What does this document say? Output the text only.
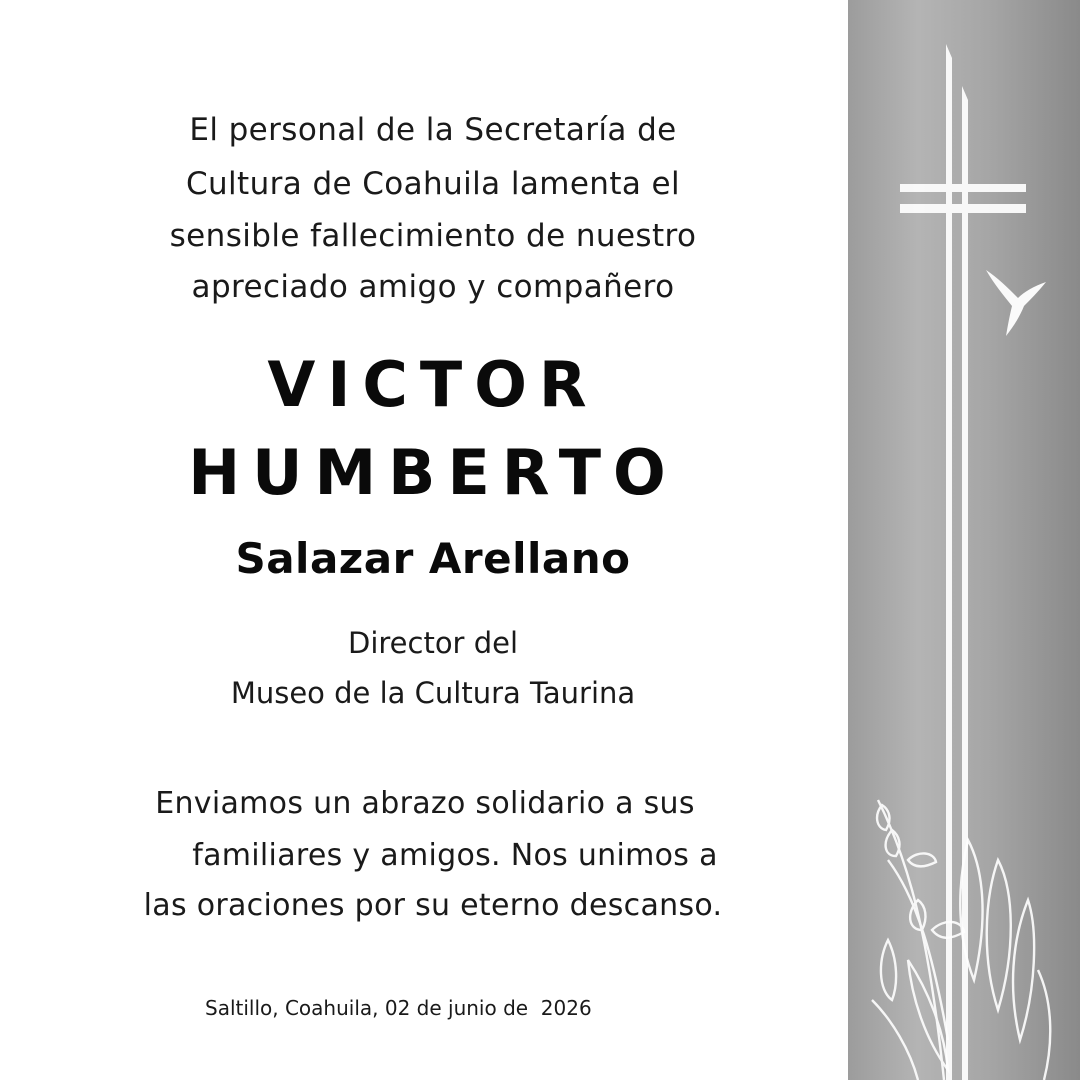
El personal de la Secretaría de
Cultura de Coahuila lamenta el
sensible fallecimiento de nuestro
apreciado amigo y compañero
VICTOR
HUMBERTO
Salazar Arellano
Director del
Museo de la Cultura Taurina
Enviamos un abrazo solidario a sus
familiares y amigos. Nos unimos a
las oraciones por su eterno descanso.
Saltillo, Coahuila, 02 de junio de  2026
